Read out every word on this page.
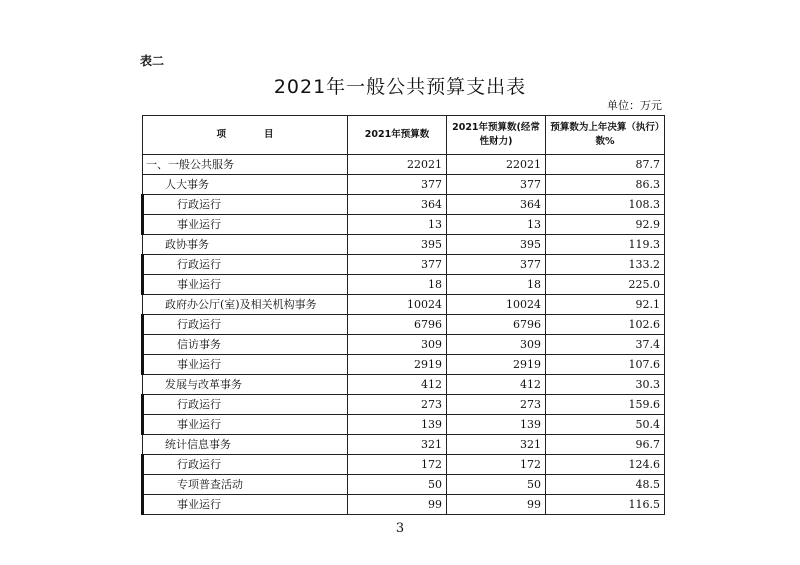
表二
2021年一般公共预算支出表
单位：万元
项　　　　目	2021年预算数	2021年预算数(经常性财力)	预算数为上年决算（执行）数%
一、一般公共服务	22021	22021	87.7
人大事务	377	377	86.3
行政运行	364	364	108.3
事业运行	13	13	92.9
政协事务	395	395	119.3
行政运行	377	377	133.2
事业运行	18	18	225.0
政府办公厅(室)及相关机构事务	10024	10024	92.1
行政运行	6796	6796	102.6
信访事务	309	309	37.4
事业运行	2919	2919	107.6
发展与改革事务	412	412	30.3
行政运行	273	273	159.6
事业运行	139	139	50.4
统计信息事务	321	321	96.7
行政运行	172	172	124.6
专项普查活动	50	50	48.5
事业运行	99	99	116.5
3
